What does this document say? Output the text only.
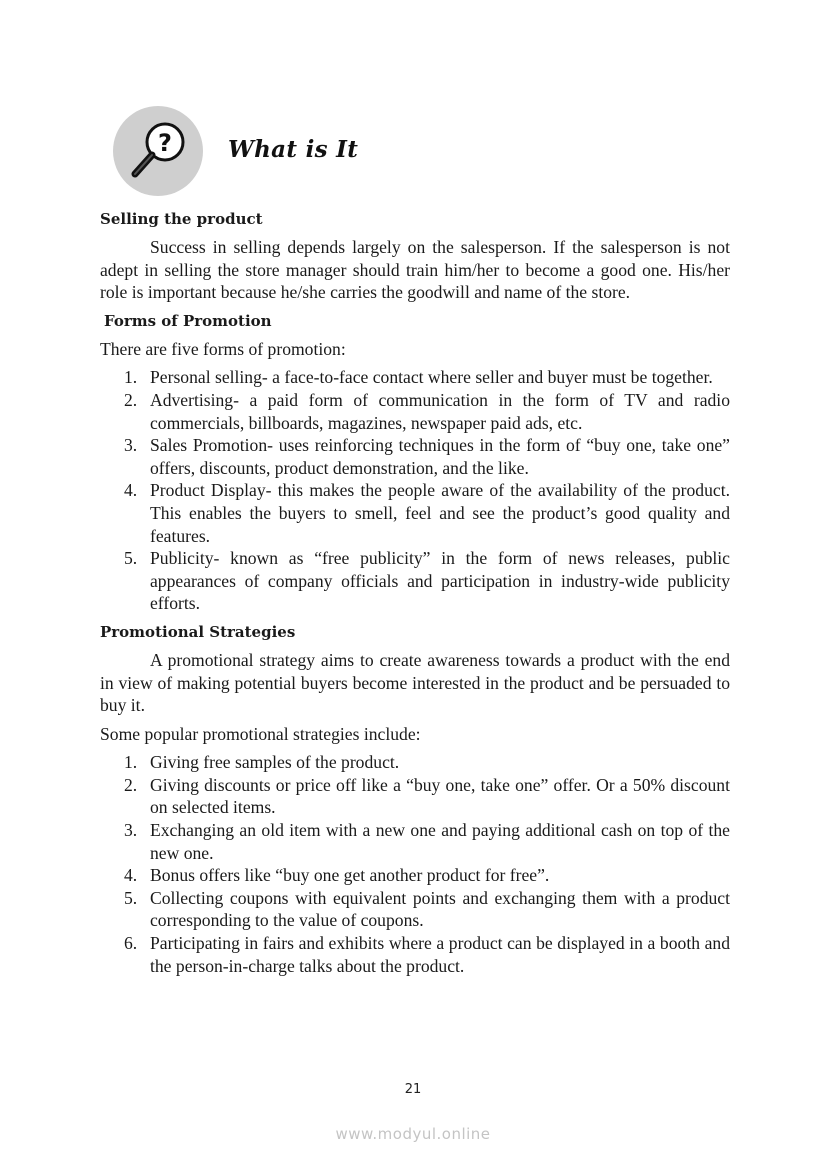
? What is It

Selling the product

Success in selling depends largely on the salesperson. If the salesperson is not adept in selling the store manager should train him/her to become a good one. His/her role is important because he/she carries the goodwill and name of the store.

Forms of Promotion

There are five forms of promotion:

1. Personal selling- a face-to-face contact where seller and buyer must be together.
2. Advertising- a paid form of communication in the form of TV and radio commercials, billboards, magazines, newspaper paid ads, etc.
3. Sales Promotion- uses reinforcing techniques in the form of “buy one, take one” offers, discounts, product demonstration, and the like.
4. Product Display- this makes the people aware of the availability of the product. This enables the buyers to smell, feel and see the product’s good quality and features.
5. Publicity- known as “free publicity” in the form of news releases, public appearances of company officials and participation in industry-wide publicity efforts.

Promotional Strategies

A promotional strategy aims to create awareness towards a product with the end in view of making potential buyers become interested in the product and be persuaded to buy it.

Some popular promotional strategies include:

1. Giving free samples of the product.
2. Giving discounts or price off like a “buy one, take one” offer. Or a 50% discount on selected items.
3. Exchanging an old item with a new one and paying additional cash on top of the new one.
4. Bonus offers like “buy one get another product for free”.
5. Collecting coupons with equivalent points and exchanging them with a product corresponding to the value of coupons.
6. Participating in fairs and exhibits where a product can be displayed in a booth and the person-in-charge talks about the product.
21
www.modyul.online
